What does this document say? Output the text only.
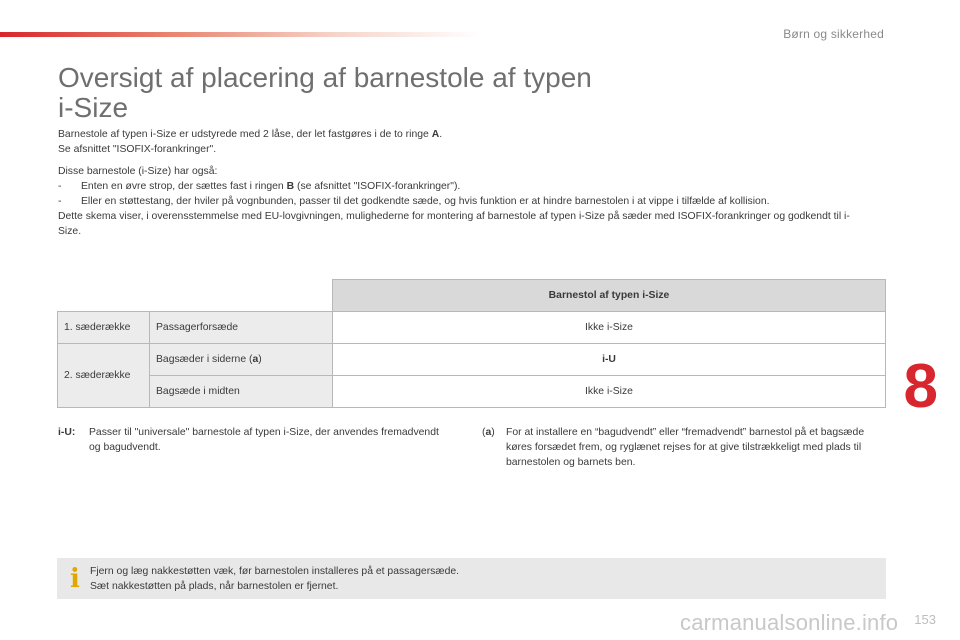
Børn og sikkerhed
8
153
Oversigt af placering af barnestole af typen
i-Size

Barnestole af typen i-Size er udstyrede med 2 låse, der let fastgøres i de to ringe A.

Se afsnittet "ISOFIX-forankringer".

Disse barnestole (i-Size) har også:

-	Enten en øvre strop, der sættes fast i ringen B (se afsnittet "ISOFIX-forankringer").
-	Eller en støttestang, der hviler på vognbunden, passer til det godkendte sæde, og hvis funktion er at hindre barnestolen i at vippe i tilfælde af kollision.

Dette skema viser, i overensstemmelse med EU-lovgivningen, mulighederne for montering af barnestole af typen i-Size på sæder med ISOFIX-forankringer og godkendt til i-Size.

		Barnestol af typen i-Size
1. sæderække	Passagerforsæde	Ikke i-Size
2. sæderække	Bagsæder i siderne (a)	i-U
	Bagsæde i midten	Ikke i-Size
i-U:	Passer til "universale" barnestole af typen i-Size, der anvendes fremadvendt og bagudvendt.
(a)	For at installere en “bagudvendt” eller “fremadvendt” barnestol på et bagsæde køres forsædet frem, og ryglænet rejses for at give tilstrækkeligt med plads til barnestolen og barnets ben.
i Fjern og læg nakkestøtten væk, før barnestolen installeres på et passagersæde.

Sæt nakkestøtten på plads, når barnestolen er fjernet.

carmanualsonline.info
